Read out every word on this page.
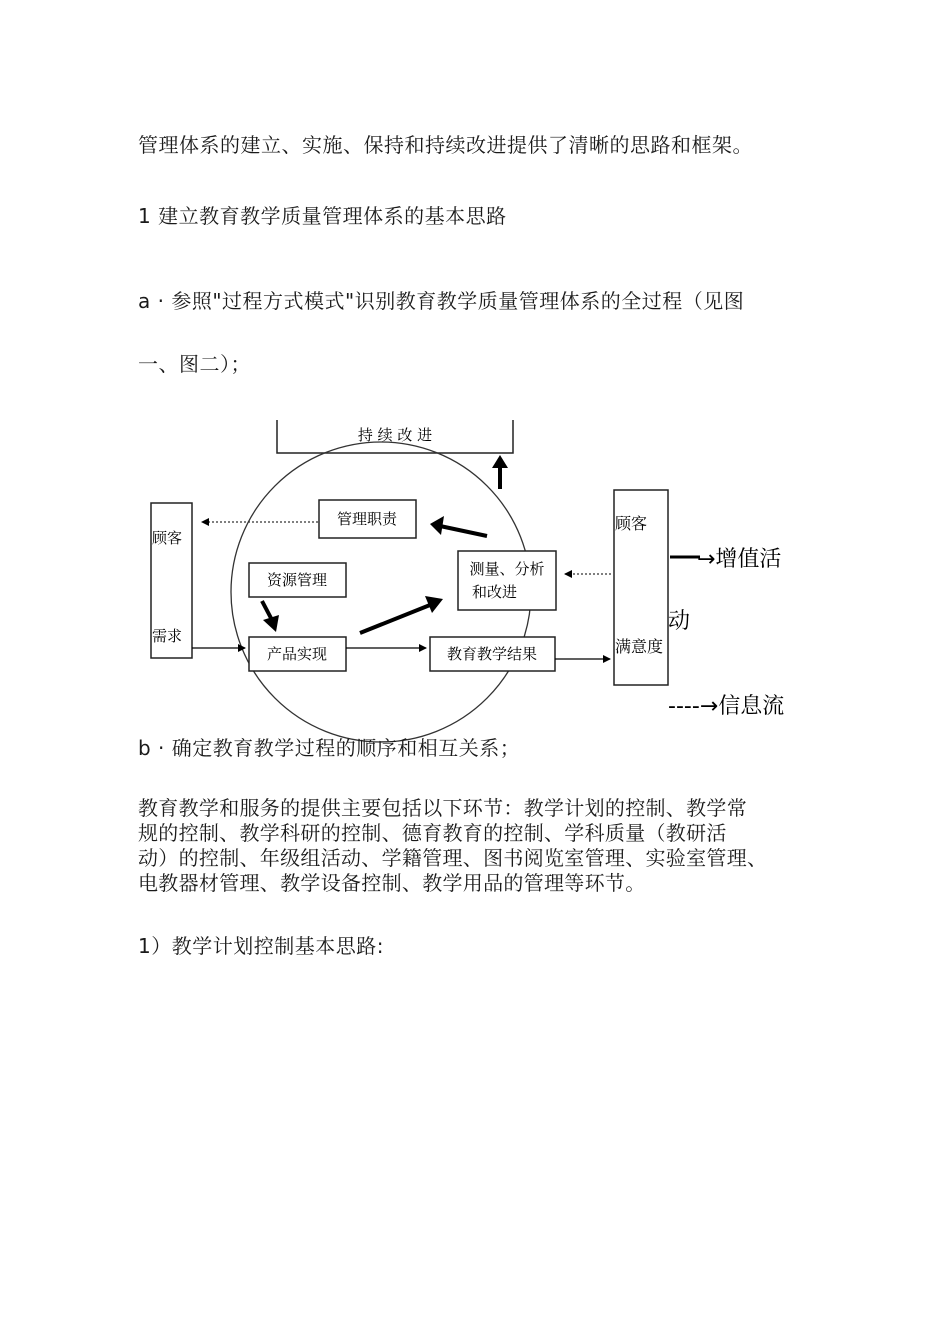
管理体系的建立、实施、保持和持续改进提供了清晰的思路和框架。
1 建立教育教学质量管理体系的基本思路
a · 参照"过程方式模式"识别教育教学质量管理体系的全过程（见图
一、图二）；
持 续 改 进
顾客
需求
顾客
满意度
管理职责
资源管理
产品实现
测量、分析
和改进
教育教学结果
→增值活
动
----→信息流
b · 确定教育教学过程的顺序和相互关系；
教育教学和服务的提供主要包括以下环节：教学计划的控制、教学常
规的控制、教学科研的控制、德育教育的控制、学科质量（教研活
动）的控制、年级组活动、学籍管理、图书阅览室管理、实验室管理、
电教器材管理、教学设备控制、教学用品的管理等环节。
1）教学计划控制基本思路:
